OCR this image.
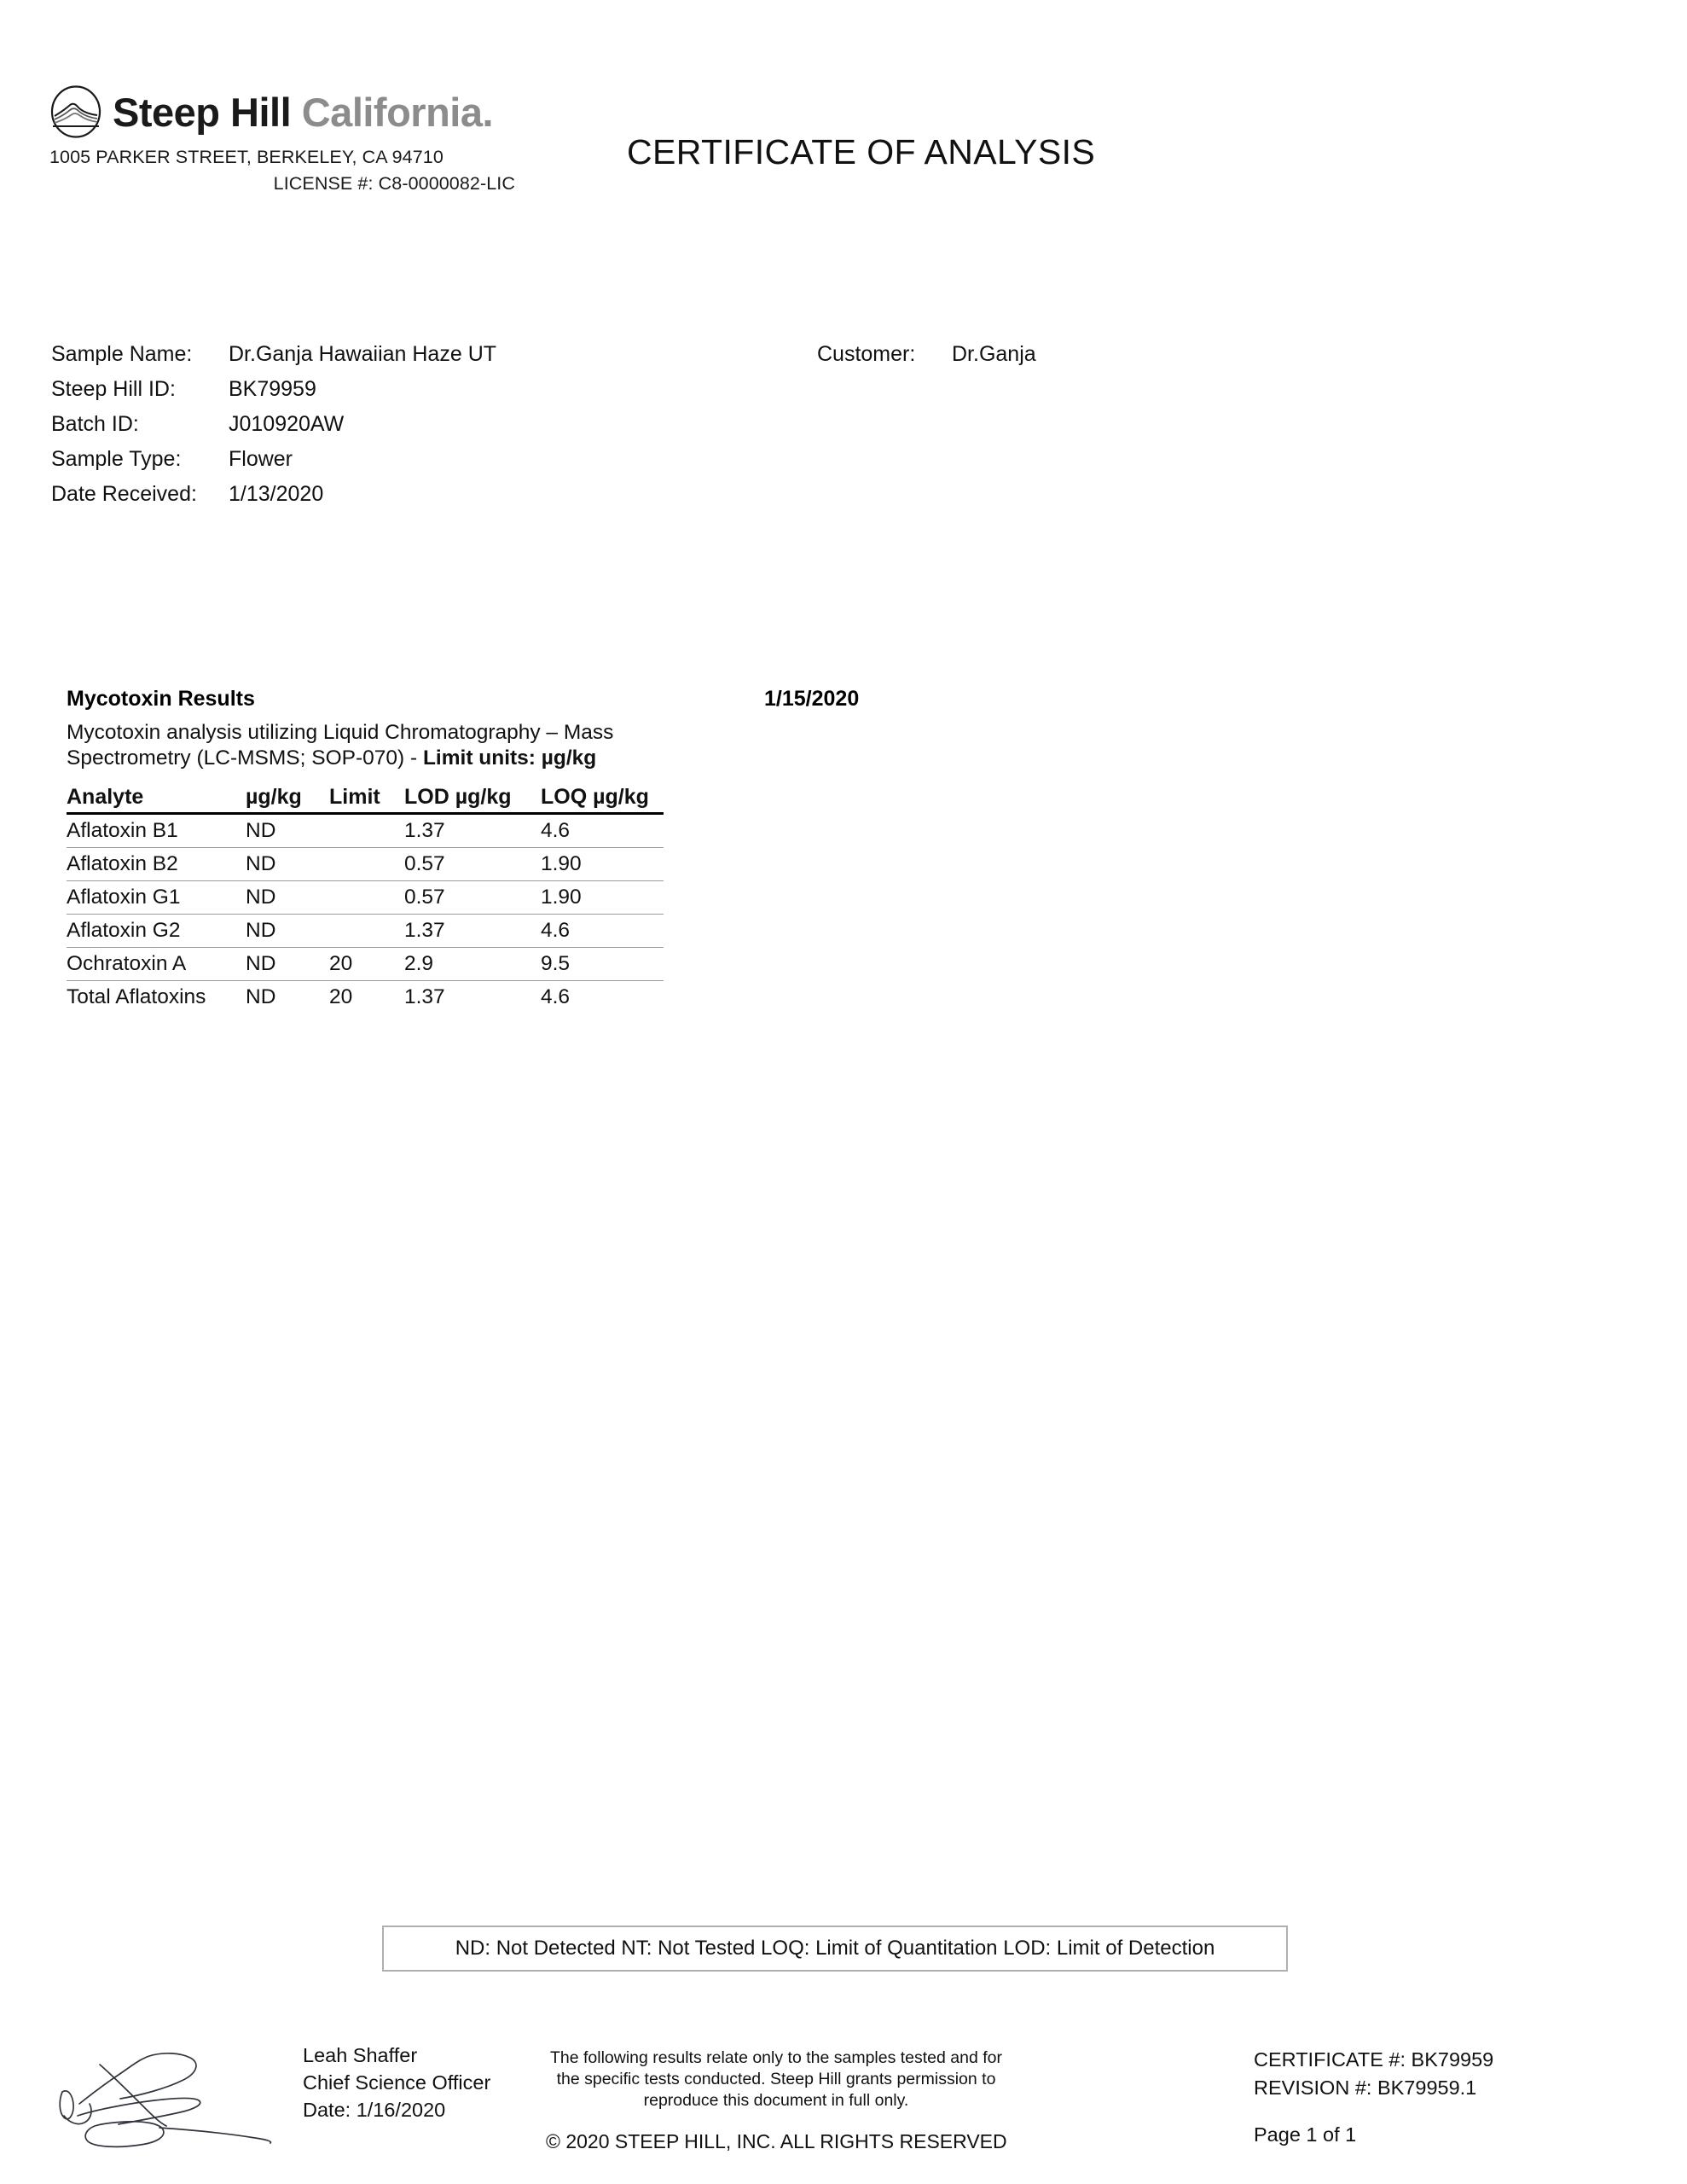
Steep Hill California.
1005 PARKER STREET, BERKELEY, CA 94710
LICENSE #: C8-0000082-LIC
CERTIFICATE OF ANALYSIS
Sample Name:	Dr.Ganja Hawaiian Haze UT
Steep Hill ID:	BK79959
Batch ID:	J010920AW
Sample Type:	Flower
Date Received:	1/13/2020
Customer:	Dr.Ganja
Mycotoxin Results	1/15/2020
Mycotoxin analysis utilizing Liquid Chromatography – Mass Spectrometry (LC-MSMS; SOP-070) - Limit units: µg/kg
Analyte	µg/kg	Limit	LOD µg/kg	LOQ µg/kg
Aflatoxin B1	ND		1.37	4.6
Aflatoxin B2	ND		0.57	1.90
Aflatoxin G1	ND		0.57	1.90
Aflatoxin G2	ND		1.37	4.6
Ochratoxin A	ND	20	2.9	9.5
Total Aflatoxins	ND	20	1.37	4.6
ND: Not Detected NT: Not Tested LOQ: Limit of Quantitation LOD: Limit of Detection
Leah Shaffer
Chief Science Officer
Date: 1/16/2020
The following results relate only to the samples tested and for the specific tests conducted. Steep Hill grants permission to reproduce this document in full only.
© 2020 STEEP HILL, INC. ALL RIGHTS RESERVED
CERTIFICATE #: BK79959
REVISION #: BK79959.1
Page 1 of 1
